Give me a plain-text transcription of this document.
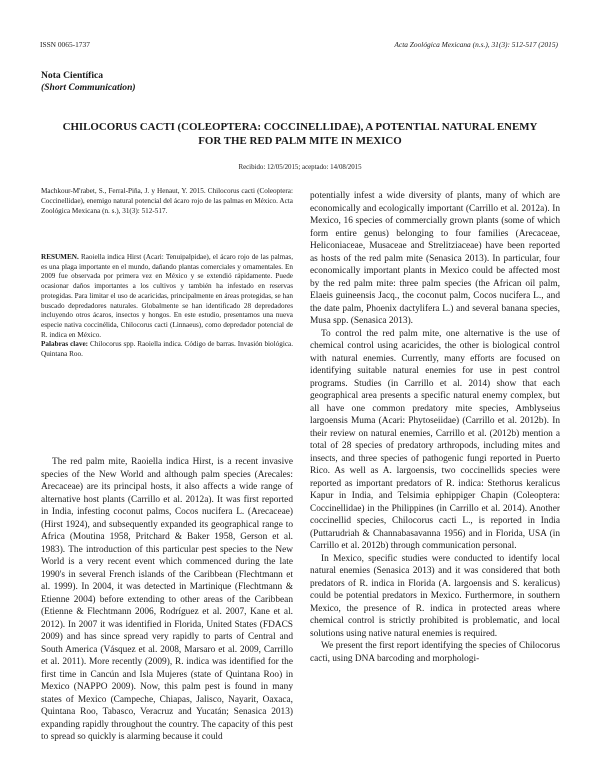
ISSN 0065-1737	Acta Zoológica Mexicana (n.s.), 31(3): 512-517 (2015)
Nota Científica
(Short Communication)
CHILOCORUS CACTI (COLEOPTERA: COCCINELLIDAE), A POTENTIAL NATURAL ENEMY
FOR THE RED PALM MITE IN MEXICO
Recibido: 12/05/2015; aceptado: 14/08/2015
Machkour-M'rabet, S., Ferral-Piña, J. y Henaut, Y. 2015. Chilocorus cacti (Coleoptera: Coccinellidae), enemigo natural potencial del ácaro rojo de las palmas en México. Acta Zoológica Mexicana (n. s.), 31(3): 512-517.

RESUMEN. Raoiella indica Hirst (Acari: Tenuipalpidae), el ácaro rojo de las palmas, es una plaga importante en el mundo, dañando plantas comerciales y ornamentales. En 2009 fue observada por primera vez en México y se extendió rápidamente. Puede ocasionar daños importantes a los cultivos y también ha infestado en reservas protegidas. Para limitar el uso de acaricidas, principalmente en áreas protegidas, se han buscado depredadores naturales. Globalmente se han identificado 28 depredadores incluyendo otros ácaros, insectos y hongos. En este estudio, presentamos una nueva especie nativa coccinélida, Chilocorus cacti (Linnaeus), como depredador potencial de R. indica en México.

Palabras clave: Chilocorus spp. Raoiella indica. Código de barras. Invasión biológica. Quintana Roo.

The red palm mite, Raoiella indica Hirst, is a recent invasive species of the New World and although palm species (Arecales: Arecaceae) are its principal hosts, it also affects a wide range of alternative host plants (Carrillo et al. 2012a). It was first reported in India, infesting coconut palms, Cocos nucifera L. (Arecaceae) (Hirst 1924), and subsequently expanded its geographical range to Africa (Moutina 1958, Pritchard & Baker 1958, Gerson et al. 1983). The introduction of this particular pest species to the New World is a very recent event which commenced during the late 1990's in several French islands of the Caribbean (Flechtmann et al. 1999). In 2004, it was detected in Martinique (Flechtmann & Etienne 2004) before extending to other areas of the Caribbean (Etienne & Flechtmann 2006, Rodríguez et al. 2007, Kane et al. 2012). In 2007 it was identified in Florida, United States (FDACS 2009) and has since spread very rapidly to parts of Central and South America (Vásquez et al. 2008, Marsaro et al. 2009, Carrillo et al. 2011). More recently (2009), R. indica was identified for the first time in Cancún and Isla Mujeres (state of Quintana Roo) in Mexico (NAPPO 2009). Now, this palm pest is found in many states of Mexico (Campeche, Chiapas, Jalisco, Nayarit, Oaxaca, Quintana Roo, Tabasco, Veracruz and Yucatán; Senasica 2013) expanding rapidly throughout the country. The capacity of this pest to spread so quickly is alarming because it could

potentially infest a wide diversity of plants, many of which are economically and ecologically important (Carrillo et al. 2012a). In Mexico, 16 species of commercially grown plants (some of which form entire genus) belonging to four families (Arecaceae, Heliconiaceae, Musaceae and Strelitziaceae) have been reported as hosts of the red palm mite (Senasica 2013). In particular, four economically important plants in Mexico could be affected most by the red palm mite: three palm species (the African oil palm, Elaeis guineensis Jacq., the coconut palm, Cocos nucifera L., and the date palm, Phoenix dactylifera L.) and several banana species, Musa spp. (Senasica 2013).

To control the red palm mite, one alternative is the use of chemical control using acaricides, the other is biological control with natural enemies. Currently, many efforts are focused on identifying suitable natural enemies for use in pest control programs. Studies (in Carrillo et al. 2014) show that each geographical area presents a specific natural enemy complex, but all have one common predatory mite species, Amblyseius largoensis Muma (Acari: Phytoseiidae) (Carrillo et al. 2012b). In their review on natural enemies, Carrillo et al. (2012b) mention a total of 28 species of predatory arthropods, including mites and insects, and three species of pathogenic fungi reported in Puerto Rico. As well as A. largoensis, two coccinellids species were reported as important predators of R. indica: Stethorus keralicus Kapur in India, and Telsimia ephippiger Chapin (Coleoptera: Coccinellidae) in the Philippines (in Carrillo et al. 2014). Another coccinellid species, Chilocorus cacti L., is reported in India (Puttarudriah & Channabasavanna 1956) and in Florida, USA (in Carrillo et al. 2012b) through communication personal.

In Mexico, specific studies were conducted to identify local natural enemies (Senasica 2013) and it was considered that both predators of R. indica in Florida (A. largoensis and S. keralicus) could be potential predators in Mexico. Furthermore, in southern Mexico, the presence of R. indica in protected areas where chemical control is strictly prohibited is problematic, and local solutions using native natural enemies is required.

We present the first report identifying the species of Chilocorus cacti, using DNA barcoding and morphologi-
